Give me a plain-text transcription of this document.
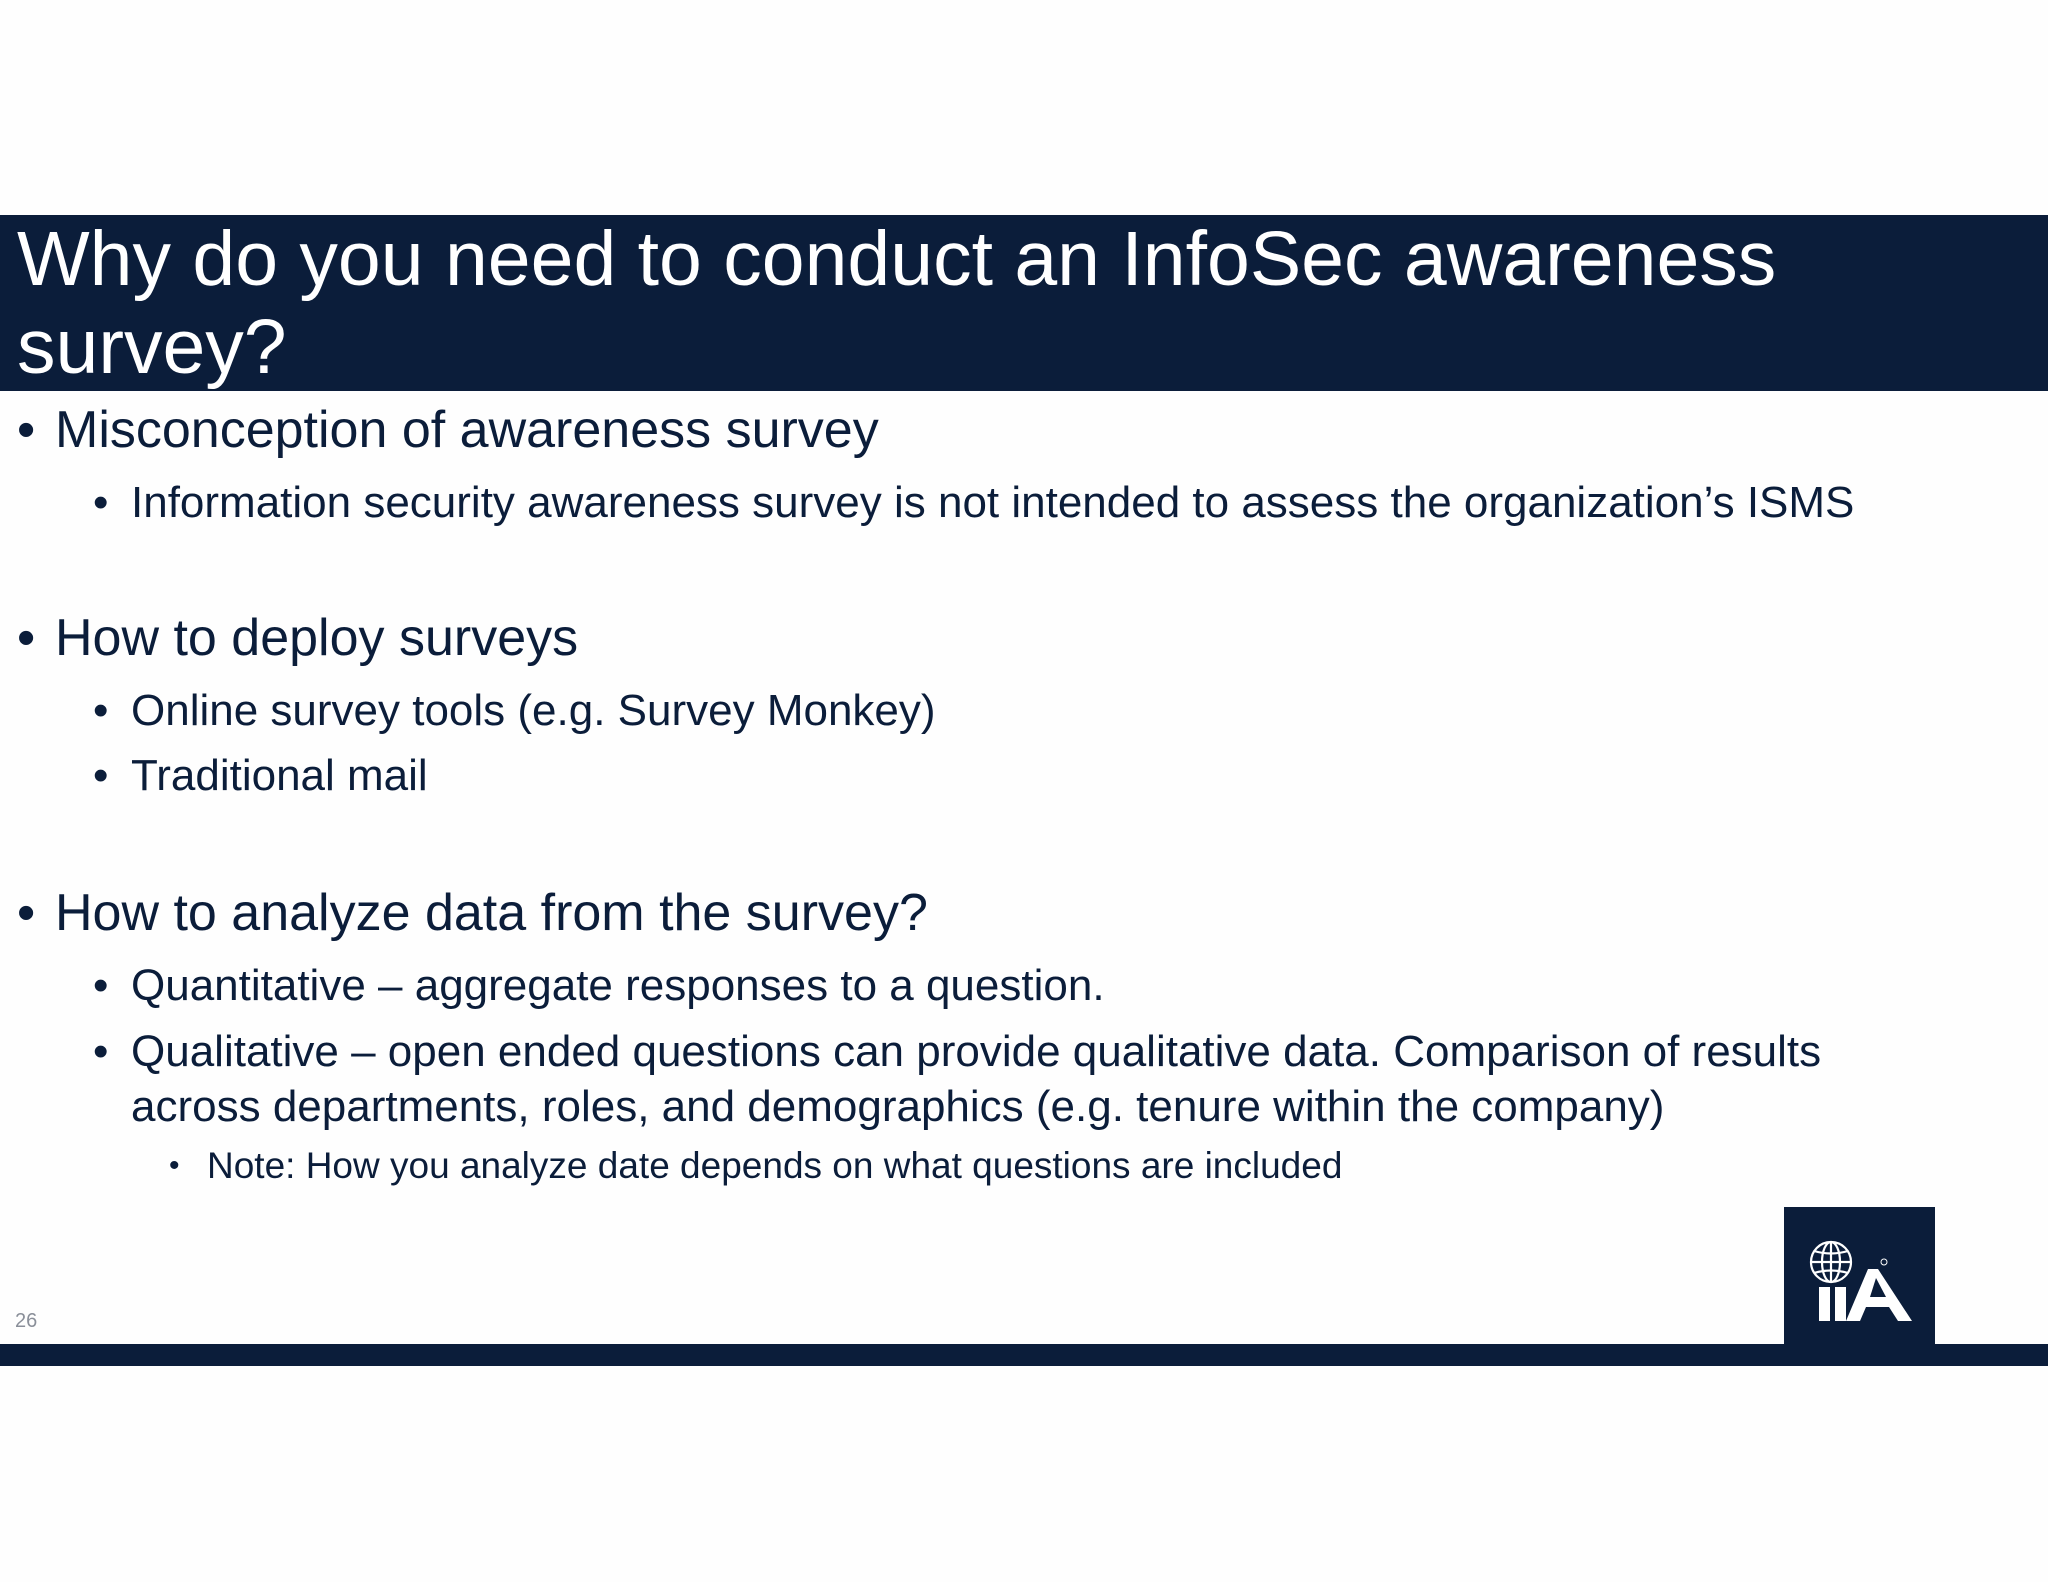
Why do you need to conduct an InfoSec awareness survey?
• Misconception of awareness survey
• Information security awareness survey is not intended to assess the organization’s ISMS
• How to deploy surveys
• Online survey tools (e.g. Survey Monkey)
• Traditional mail
• How to analyze data from the survey?
• Quantitative – aggregate responses to a question.
• Qualitative – open ended questions can provide qualitative data. Comparison of results
across departments, roles, and demographics (e.g. tenure within the company)
• Note: How you analyze date depends on what questions are included
26
